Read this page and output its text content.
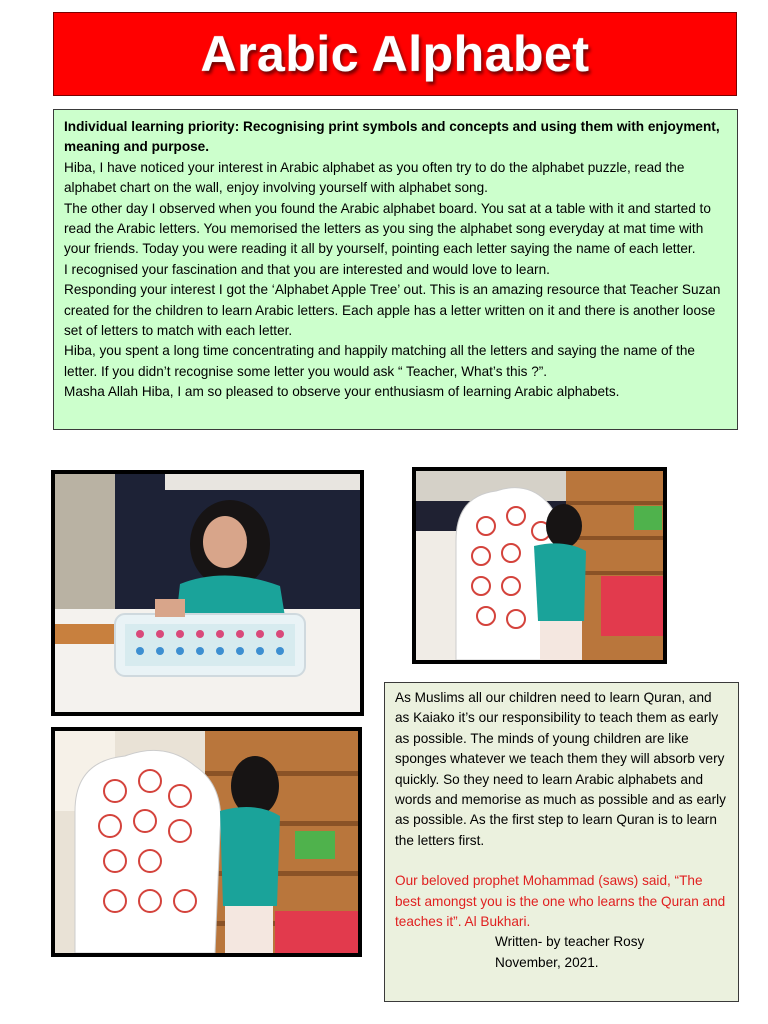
Arabic Alphabet

Individual learning priority: Recognising print symbols and concepts and using them with enjoyment, meaning and purpose.

Hiba, I have noticed your interest in Arabic alphabet as you often try to do the alphabet puzzle, read the alphabet chart on the wall, enjoy involving yourself with alphabet song.

The other day I observed when you found the Arabic alphabet board. You sat at a table with it and started to read the Arabic letters. You memorised the letters as you sing the alphabet song everyday at mat time with your friends. Today you were reading it all by yourself, pointing each letter saying the name of each letter.

I recognised your fascination and that you are interested and would love to learn.

Responding your interest I got the ‘Alphabet Apple Tree’ out. This is an amazing resource that Teacher Suzan created for the children to learn Arabic letters. Each apple has a letter written on it and there is another loose set of letters to match with each letter.

Hiba, you spent a long time concentrating and happily matching all the letters and saying the name of the letter. If you didn’t recognise some letter you would ask “ Teacher, What’s this ?”.

Masha Allah Hiba, I am so pleased to observe your enthusiasm of learning Arabic alphabets.

As Muslims all our children need to learn Quran, and as Kaiako it’s our responsibility to teach them as early as possible. The minds of young children are like sponges whatever we teach them they will absorb very quickly. So they need to learn Arabic alphabets and words and memorise as much as possible and as early as possible. As the first step to learn Quran is to learn the letters first.

Our beloved prophet Mohammad (saws) said, “The best amongst you is the one who learns the Quran and teaches it”. Al Bukhari.

Written- by teacher Rosy

November, 2021.
